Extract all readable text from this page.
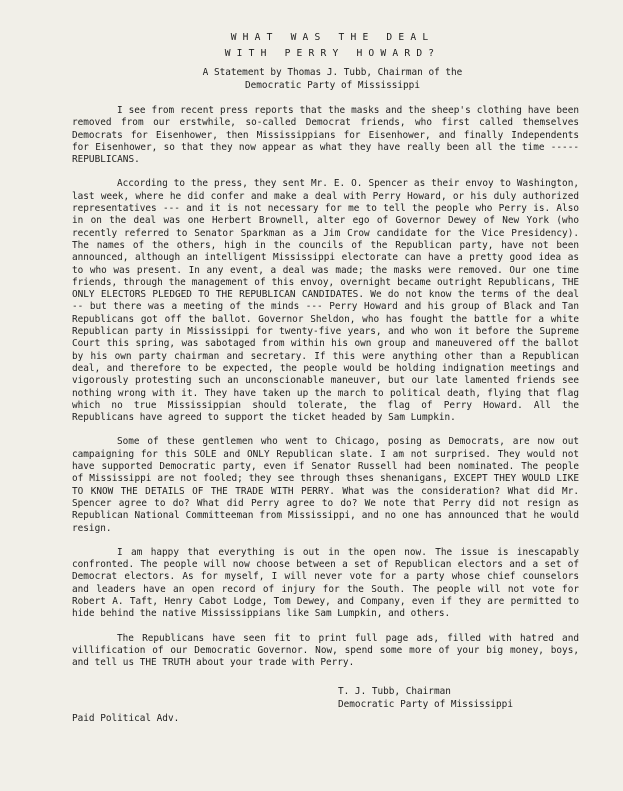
WHAT WAS THE DEAL
WITH PERRY HOWARD?
A Statement by Thomas J. Tubb, Chairman of the
Democratic Party of Mississippi

I see from recent press reports that the masks and the sheep's clothing have been removed from our erstwhile, so-called Democrat friends, who first called themselves Democrats for Eisenhower, then Mississippians for Eisenhower, and finally Independents for Eisenhower, so that they now appear as what they have really been all the time ----- REPUBLICANS.

According to the press, they sent Mr. E. O. Spencer as their envoy to Washington, last week, where he did confer and make a deal with Perry Howard, or his duly authorized representatives --- and it is not necessary for me to tell the people who Perry is. Also in on the deal was one Herbert Brownell, alter ego of Governor Dewey of New York (who recently referred to Senator Sparkman as a Jim Crow candidate for the Vice Presidency). The names of the others, high in the councils of the Republican party, have not been announced, although an intelligent Mississippi electorate can have a pretty good idea as to who was present. In any event, a deal was made; the masks were removed. Our one time friends, through the management of this envoy, overnight became outright Republicans, THE ONLY ELECTORS PLEDGED TO THE REPUBLICAN CANDIDATES. We do not know the terms of the deal -- but there was a meeting of the minds --- Perry Howard and his group of Black and Tan Republicans got off the ballot. Governor Sheldon, who has fought the battle for a white Republican party in Mississippi for twenty-five years, and who won it before the Supreme Court this spring, was sabotaged from within his own group and maneuvered off the ballot by his own party chairman and secretary. If this were anything other than a Republican deal, and therefore to be expected, the people would be holding indignation meetings and vigorously protesting such an unconscionable maneuver, but our late lamented friends see nothing wrong with it. They have taken up the march to political death, flying that flag which no true Mississippian should tolerate, the flag of Perry Howard. All the Republicans have agreed to support the ticket headed by Sam Lumpkin.

Some of these gentlemen who went to Chicago, posing as Democrats, are now out campaigning for this SOLE and ONLY Republican slate. I am not surprised. They would not have supported Democratic party, even if Senator Russell had been nominated. The people of Mississippi are not fooled; they see through thses shenanigans, EXCEPT THEY WOULD LIKE TO KNOW THE DETAILS OF THE TRADE WITH PERRY. What was the consideration? What did Mr. Spencer agree to do? What did Perry agree to do? We note that Perry did not resign as Republican National Committeeman from Mississippi, and no one has announced that he would resign.

I am happy that everything is out in the open now. The issue is inescapably confronted. The people will now choose between a set of Republican electors and a set of Democrat electors. As for myself, I will never vote for a party whose chief counselors and leaders have an open record of injury for the South. The people will not vote for Robert A. Taft, Henry Cabot Lodge, Tom Dewey, and Company, even if they are permitted to hide behind the native Mississippians like Sam Lumpkin, and others.

The Republicans have seen fit to print full page ads, filled with hatred and villification of our Democratic Governor. Now, spend some more of your big money, boys, and tell us THE TRUTH about your trade with Perry.

T. J. Tubb, Chairman
Democratic Party of Mississippi
Paid Political Adv.
